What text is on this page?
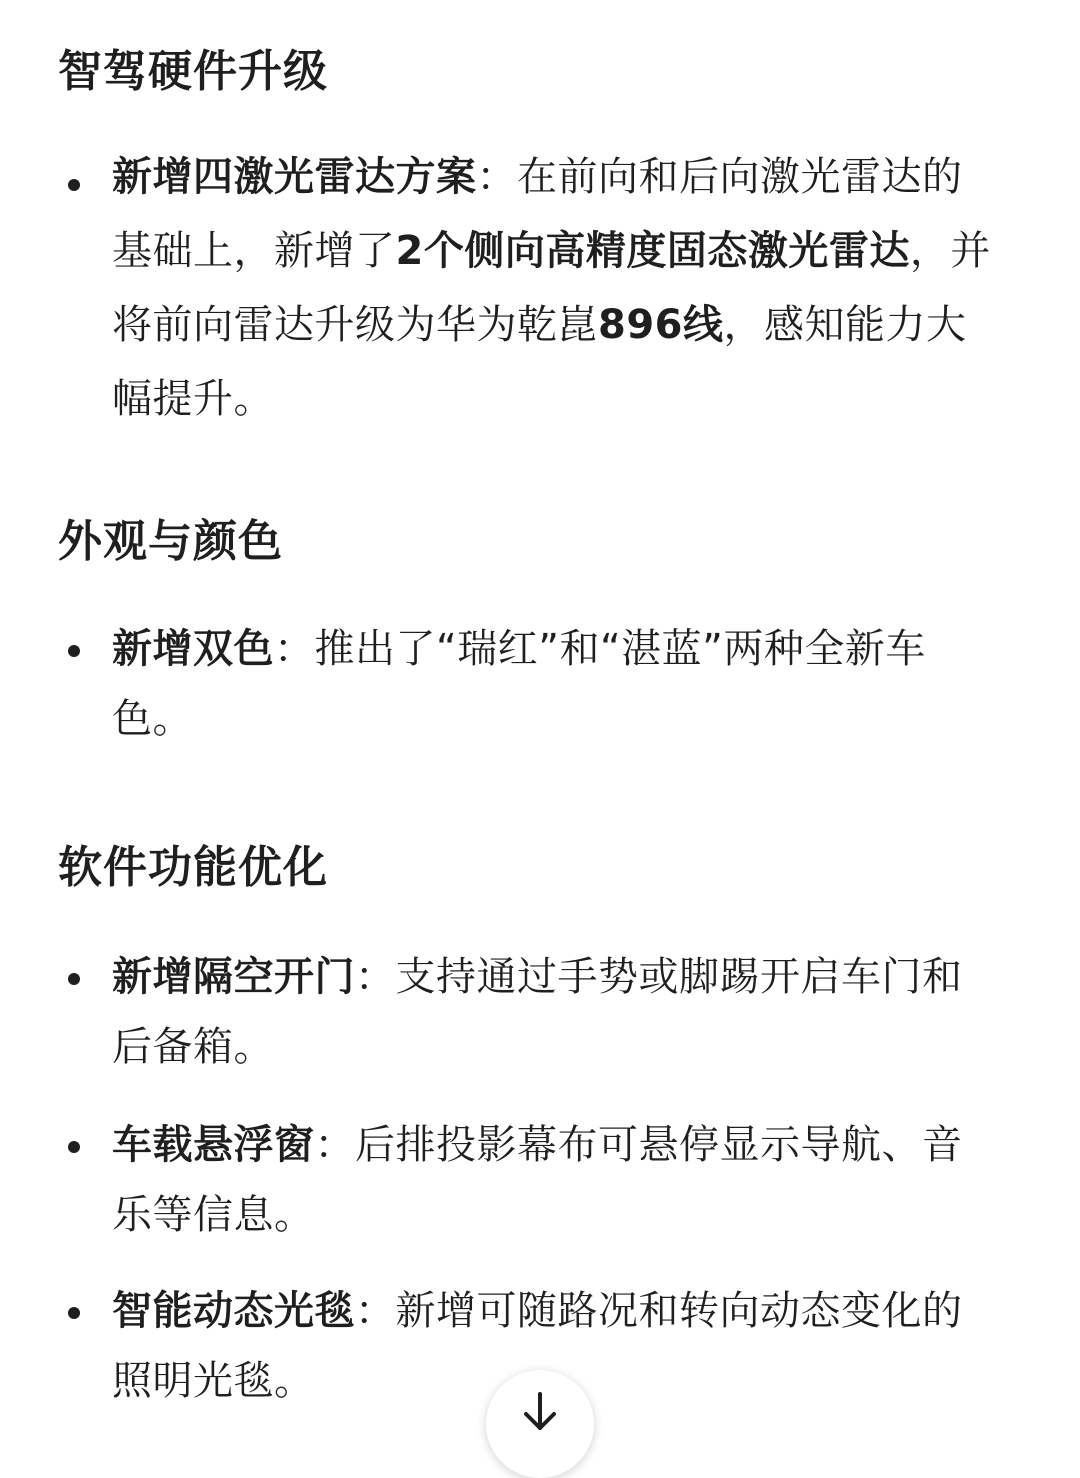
智驾硬件升级
新增四激光雷达方案：在前向和后向激光雷达的基础上，新增了2个侧向高精度固态激光雷达，并将前向雷达升级为华为乾崑896线，感知能力大幅提升。
外观与颜色
新增双色：推出了“瑞红”和“湛蓝”两种全新车色。
软件功能优化
新增隔空开门：支持通过手势或脚踢开启车门和后备箱。
车载悬浮窗：后排投影幕布可悬停显示导航、音乐等信息。
智能动态光毯：新增可随路况和转向动态变化的照明光毯。
